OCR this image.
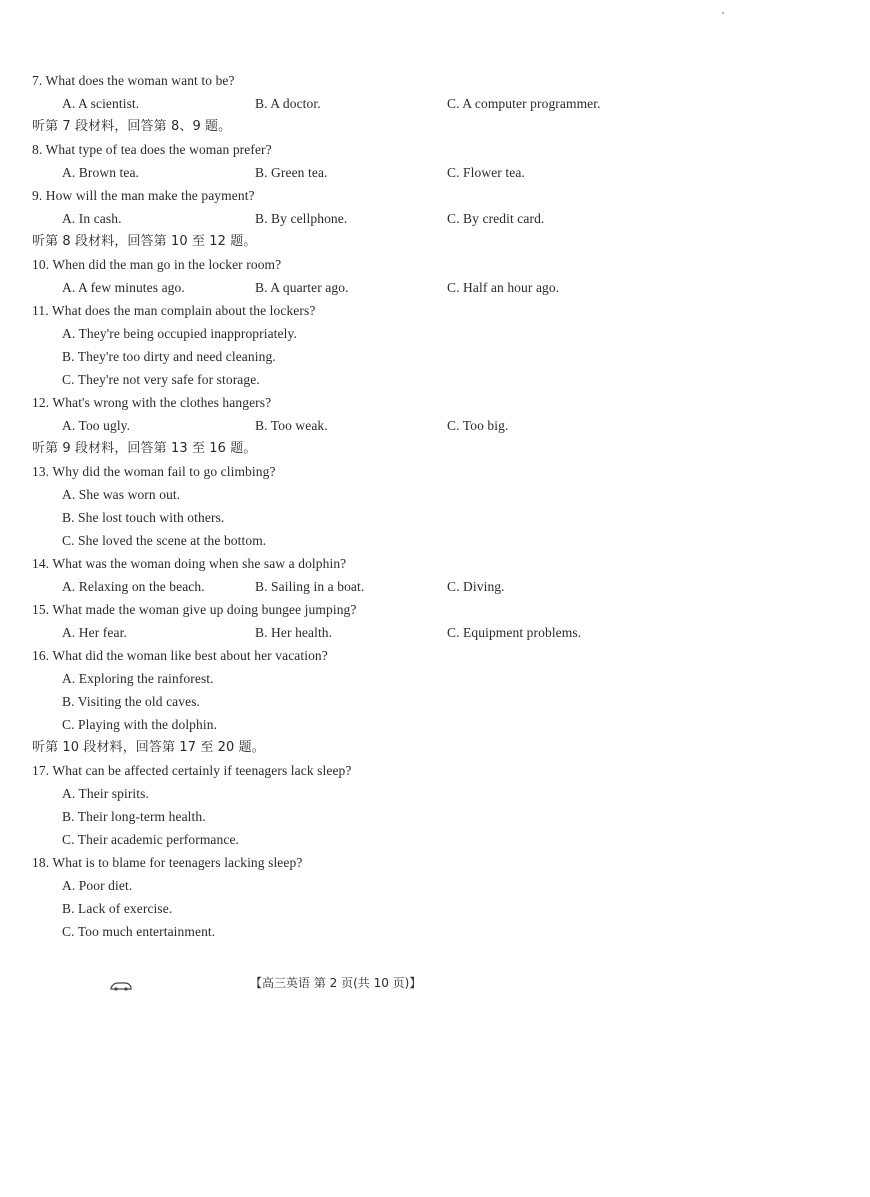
7. What does the woman want to be?
A. A scientist.	B. A doctor.	C. A computer programmer.
听第 7 段材料，回答第 8、9 题。
8. What type of tea does the woman prefer?
A. Brown tea.	B. Green tea.	C. Flower tea.
9. How will the man make the payment?
A. In cash.	B. By cellphone.	C. By credit card.
听第 8 段材料，回答第 10 至 12 题。
10. When did the man go in the locker room?
A. A few minutes ago.	B. A quarter ago.	C. Half an hour ago.
11. What does the man complain about the lockers?
A. They're being occupied inappropriately.
B. They're too dirty and need cleaning.
C. They're not very safe for storage.
12. What's wrong with the clothes hangers?
A. Too ugly.	B. Too weak.	C. Too big.
听第 9 段材料，回答第 13 至 16 题。
13. Why did the woman fail to go climbing?
A. She was worn out.
B. She lost touch with others.
C. She loved the scene at the bottom.
14. What was the woman doing when she saw a dolphin?
A. Relaxing on the beach.	B. Sailing in a boat.	C. Diving.
15. What made the woman give up doing bungee jumping?
A. Her fear.	B. Her health.	C. Equipment problems.
16. What did the woman like best about her vacation?
A. Exploring the rainforest.
B. Visiting the old caves.
C. Playing with the dolphin.
听第 10 段材料，回答第 17 至 20 题。
17. What can be affected certainly if teenagers lack sleep?
A. Their spirits.
B. Their long-term health.
C. Their academic performance.
18. What is to blame for teenagers lacking sleep?
A. Poor diet.
B. Lack of exercise.
C. Too much entertainment.
【高三英语 第 2 页(共 10 页)】
